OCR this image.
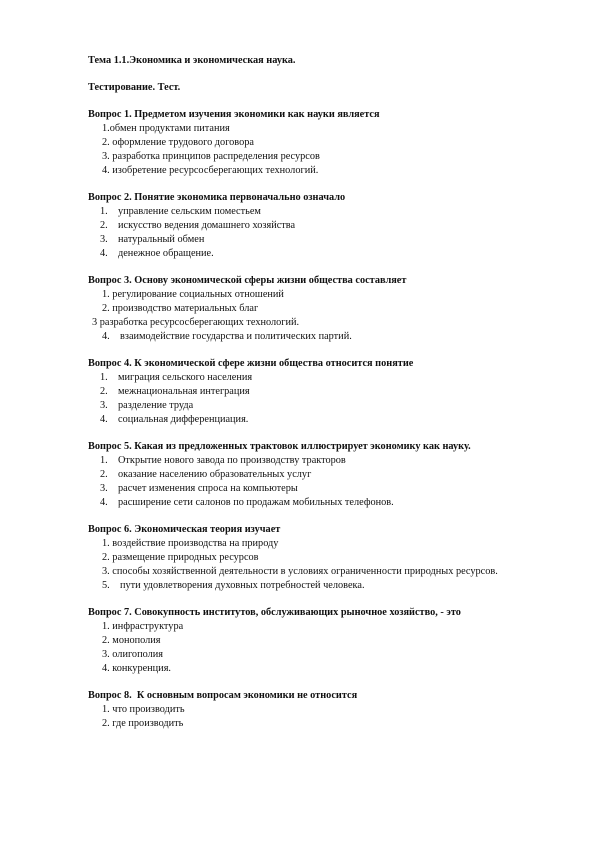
Тема 1.1.Экономика и экономическая наука.
Тестирование. Тест.
Вопрос 1. Предметом изучения экономики как науки является
1.обмен продуктами питания
2. оформление трудового договора
3. разработка принципов распределения ресурсов
4. изобретение ресурсосберегающих технологий.
Вопрос 2. Понятие экономика первоначально означало
1. управление сельским поместьем
2. искусство ведения домашнего хозяйства
3. натуральный обмен
4. денежное обращение.
Вопрос 3. Основу экономической сферы жизни общества составляет
1. регулирование социальных отношений
2. производство материальных благ
3 разработка ресурсосберегающих технологий.
4.    взаимодействие государства и политических партий.
Вопрос 4. К экономической сфере жизни общества относится понятие
1. миграция сельского населения
2. межнациональная интеграция
3. разделение труда
4. социальная дифференциация.
Вопрос 5. Какая из предложенных трактовок иллюстрирует экономику как науку.
1. Открытие нового завода по производству тракторов
2. оказание населению образовательных услуг
3. расчет изменения спроса на компьютеры
4. расширение сети салонов по продажам мобильных телефонов.
Вопрос 6. Экономическая теория изучает
1. воздействие производства на природу
2. размещение природных ресурсов
3. способы хозяйственной деятельности в условиях ограниченности природных ресурсов.
5.    пути удовлетворения духовных потребностей человека.
Вопрос 7. Совокупность институтов, обслуживающих рыночное хозяйство, - это
1. инфраструктура
2. монополия
3. олигополия
4. конкуренция.
Вопрос 8.  К основным вопросам экономики не относится
1. что производить
2. где производить
